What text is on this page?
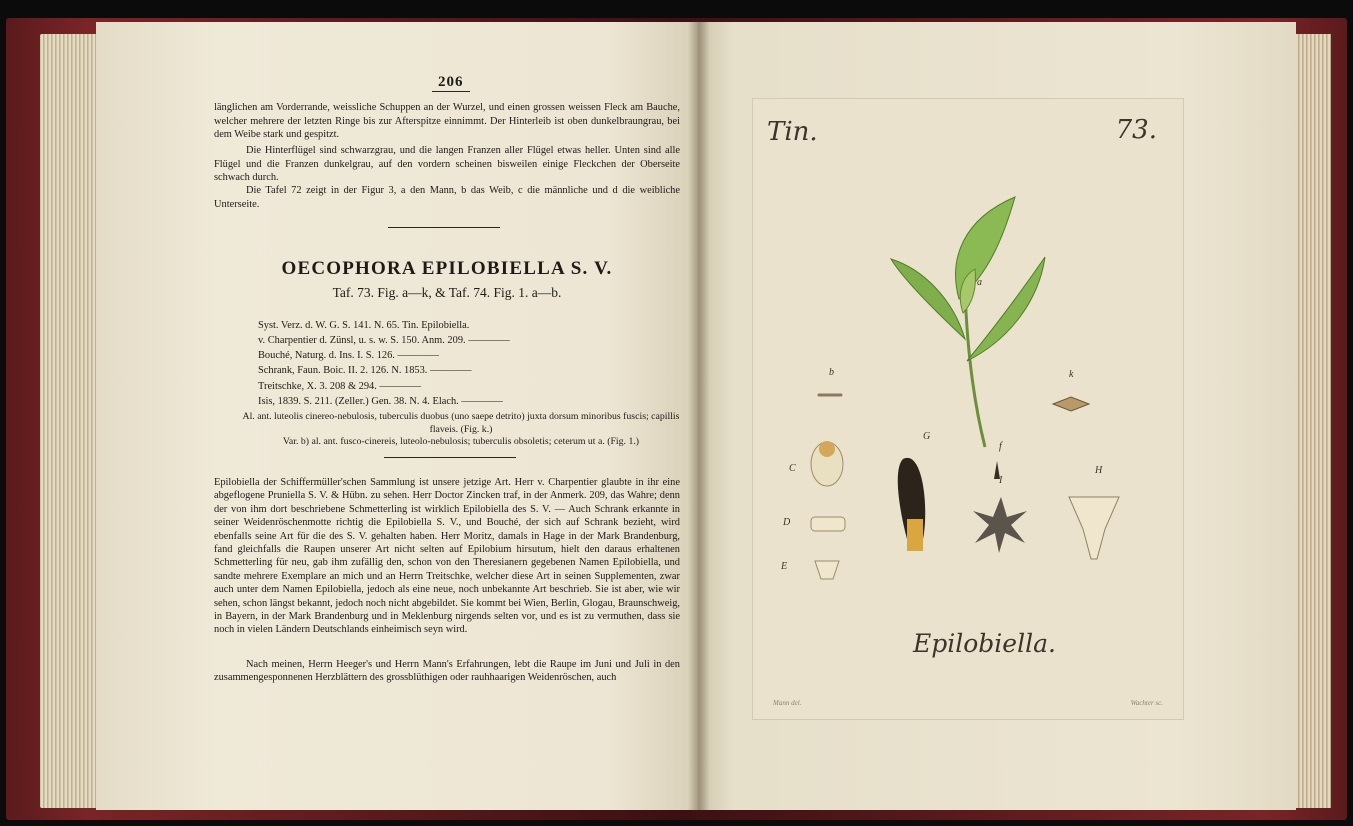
206
länglichen am Vorderrande, weissliche Schuppen an der Wurzel, und einen grossen weissen Fleck am Bauche, welcher mehrere der letzten Ringe bis zur Afterspitze einnimmt. Der Hinterleib ist oben dunkelbraungrau, bei dem Weibe stark und gespitzt.
Die Hinterflügel sind schwarzgrau, und die langen Franzen aller Flügel etwas heller. Unten sind alle Flügel und die Franzen dunkelgrau, auf den vordern scheinen bisweilen einige Fleckchen der Oberseite schwach durch.
Die Tafel 72 zeigt in der Figur 3, a den Mann, b das Weib, c die männliche und d die weibliche Unterseite.
OECOPHORA EPILOBIELLA S. V.
Taf. 73. Fig. a—k, & Taf. 74. Fig. 1. a—b.
Syst. Verz. d. W. G. S. 141. N. 65. Tin. Epilobiella.
v. Charpentier d. Zünsl, u. s. w. S. 150. Anm. 209. ————
Bouché, Naturg. d. Ins. I. S. 126. ————
Schrank, Faun. Boic. II. 2. 126. N. 1853. ————
Treitschke, X. 3. 208 & 294. ————
Isis, 1839. S. 211. (Zeller.) Gen. 38. N. 4. Elach. ————
Al. ant. luteolis cinereo-nebulosis, tuberculis duobus (uno saepe detrito) juxta dorsum minoribus fuscis; capillis flaveis. (Fig. k.)
Var. b) al. ant. fusco-cinereis, luteolo-nebulosis; tuberculis obsoletis; ceterum ut a. (Fig. 1.)
Epilobiella der Schiffermüller'schen Sammlung ist unsere jetzige Art. Herr v. Charpentier glaubte in ihr eine abgeflogene Pruniella S. V. & Hübn. zu sehen. Herr Doctor Zincken traf, in der Anmerk. 209, das Wahre; denn der von ihm dort beschriebene Schmetterling ist wirklich Epilobiella des S. V. — Auch Schrank erkannte in seiner Weidenröschenmotte richtig die Epilobiella S. V., und Bouché, der sich auf Schrank bezieht, wird ebenfalls seine Art für die des S. V. gehalten haben. Herr Moritz, damals in Hage in der Mark Brandenburg, fand gleichfalls die Raupen unserer Art nicht selten auf Epilobium hirsutum, hielt den daraus erhaltenen Schmetterling für neu, gab ihm zufällig den, schon von den Theresianern gegebenen Namen Epilobiella, und sandte mehrere Exemplare an mich und an Herrn Treitschke, welcher diese Art in seinen Supplementen, zwar auch unter dem Namen Epilobiella, jedoch als eine neue, noch unbekannte Art beschrieb. Sie ist aber, wie wir sehen, schon längst bekannt, jedoch noch nicht abgebildet. Sie kommt bei Wien, Berlin, Glogau, Braunschweig, in Bayern, in der Mark Brandenburg und in Meklenburg nirgends selten vor, und es ist zu vermuthen, dass sie noch in vielen Ländern Deutschlands einheimisch seyn wird.
Nach meinen, Herrn Heeger's und Herrn Mann's Erfahrungen, lebt die Raupe im Juni und Juli in den zusammengesponnenen Herzblättern des grossblüthigen oder rauhhaarigen Weidenröschen, auch
Tin.	73.
a
b	k
G
f
I
C	H
D
E
Epilobiella.
Mann del.	Wachter sc.
